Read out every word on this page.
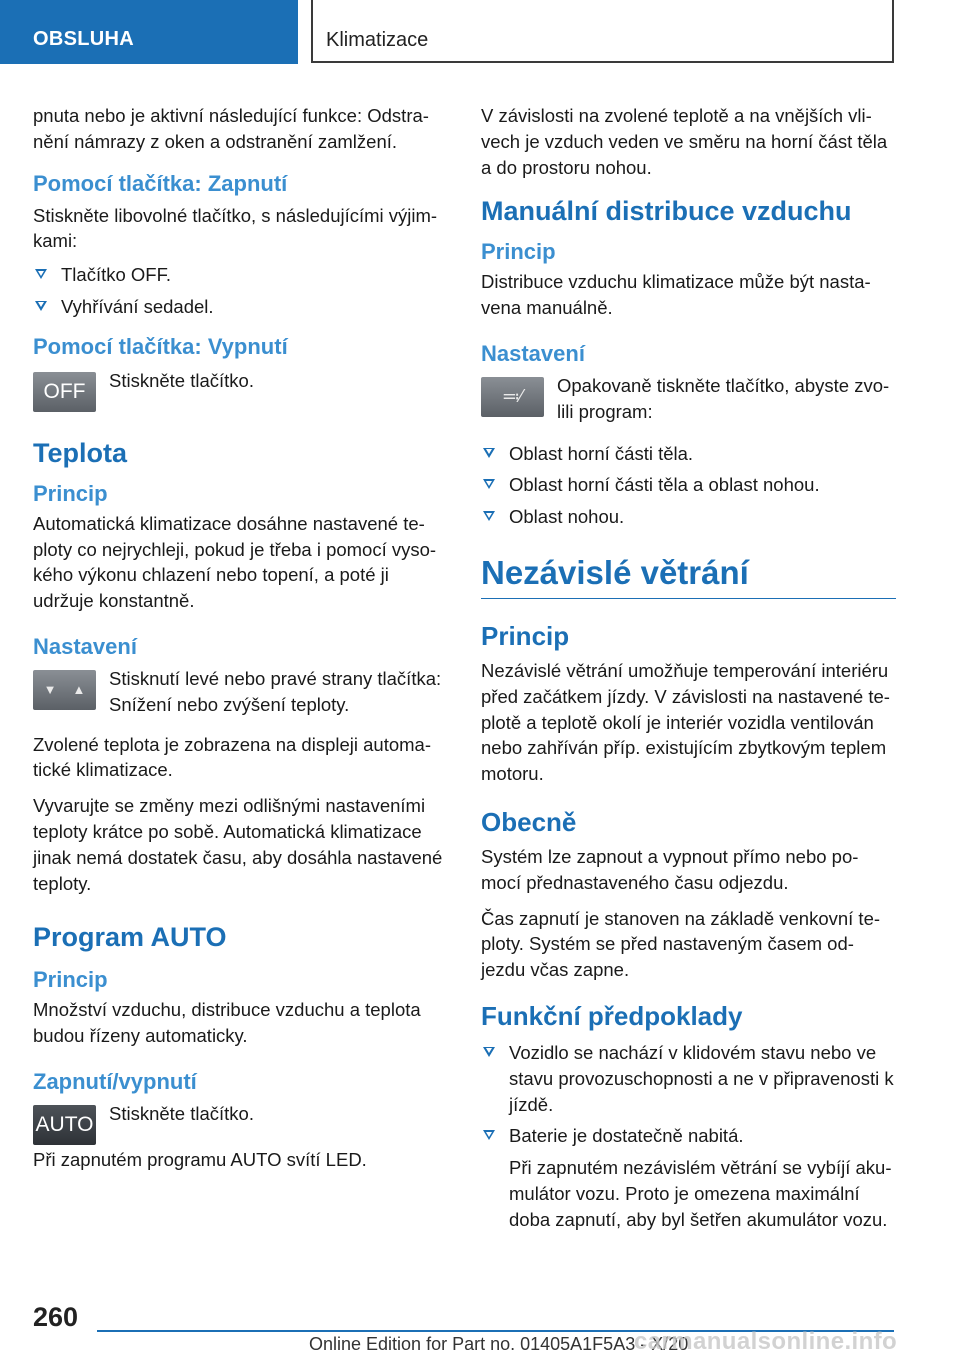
OBSLUHA	Klimatizace

pnuta nebo je aktivní následující funkce: Odstra‐ nění námrazy z oken a odstranění zamlžení.

Pomocí tlačítka: Zapnutí

Stiskněte libovolné tlačítko, s následujícími výjim‐ kami:

Tlačítko OFF.
Vyhřívání sedadel.
Pomocí tlačítka: Vypnutí
OFF Stiskněte tlačítko.

Teplota
Princip

Automatická klimatizace dosáhne nastavené te‐ ploty co nejrychleji, pokud je třeba i pomocí vyso‐ kého výkonu chlazení nebo topení, a poté ji udržuje konstantně.

Nastavení
▼ ▲

Stisknutí levé nebo pravé strany tlačítka: Snížení nebo zvýšení teploty.

Zvolené teplota je zobrazena na displeji automa‐ tické klimatizace.

Vyvarujte se změny mezi odlišnými nastaveními teploty krátce po sobě. Automatická klimatizace jinak nemá dostatek času, aby dosáhla nastavené teploty.

Program AUTO
Princip

Množství vzduchu, distribuce vzduchu a teplota budou řízeny automaticky.

Zapnutí/vypnutí
AUTO Stiskněte tlačítko.

Při zapnutém programu AUTO svítí LED.

V závislosti na zvolené teplotě a na vnějších vli‐ vech je vzduch veden ve směru na horní část těla a do prostoru nohou.

Manuální distribuce vzduchu
Princip

Distribuce vzduchu klimatizace může být nasta‐ vena manuálně.

Nastavení
≕⁄

Opakovaně tiskněte tlačítko, abyste zvo‐ lili program:

Oblast horní části těla.
Oblast horní části těla a oblast nohou.
Oblast nohou.
Nezávislé větrání
Princip

Nezávislé větrání umožňuje temperování interiéru před začátkem jízdy. V závislosti na nastavené te‐ plotě a teplotě okolí je interiér vozidla ventilován nebo zahříván příp. existujícím zbytkovým teplem motoru.

Obecně

Systém lze zapnout a vypnout přímo nebo po‐ mocí přednastaveného času odjezdu.

Čas zapnutí je stanoven na základě venkovní te‐ ploty. Systém se před nastaveným časem od‐ jezdu včas zapne.

Funkční předpoklady
Vozidlo se nachází v klidovém stavu nebo ve stavu provozuschopnosti a ne v připravenosti k jízdě.
Baterie je dostatečně nabitá.
Při zapnutém nezávislém větrání se vybíjí aku‐ mulátor vozu. Proto je omezena maximální doba zapnutí, aby byl šetřen akumulátor vozu.
260
Online Edition for Part no. 01405A1F5A3 - X/20
carmanualsonline.info
